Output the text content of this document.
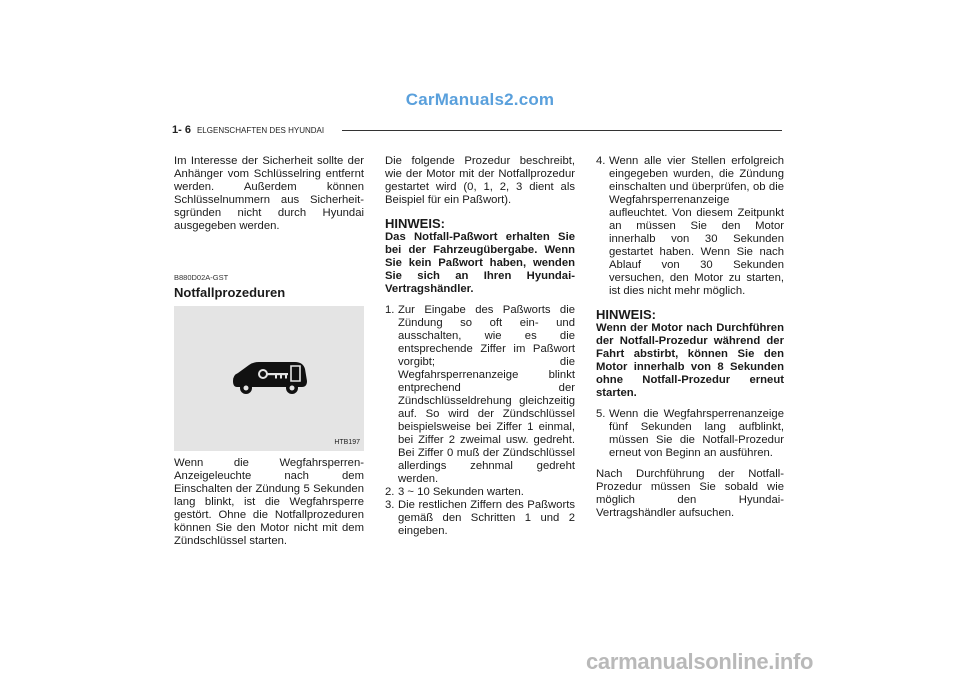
CarManuals2.com
1- 6 ELGENSCHAFTEN DES HYUNDAI

Im Interesse der Sicherheit sollte der Anhänger vom Schlüsselring entfernt werden. Außerdem können Schlüsselnummern aus Sicherheit-sgründen nicht durch Hyundai ausgegeben werden.

B880D02A-GST
Notfallprozeduren
HTB197

Wenn die Wegfahrsperren-Anzeigeleuchte nach dem Einschalten der Zündung 5 Sekunden lang blinkt, ist die Wegfahrsperre gestört. Ohne die Notfallprozeduren können Sie den Motor nicht mit dem Zündschlüssel starten.

Die folgende Prozedur beschreibt, wie der Motor mit der Notfallprozedur gestartet wird (0, 1, 2, 3 dient als Beispiel für ein Paßwort).

HINWEIS:

Das Notfall-Paßwort erhalten Sie bei der Fahrzeugübergabe. Wenn Sie kein Paßwort haben, wenden Sie sich an Ihren Hyundai-Vertragshändler.

1. Zur Eingabe des Paßworts die Zündung so oft ein- und ausschalten, wie es die entsprechende Ziffer im Paßwort vorgibt; die Wegfahrsperrenanzeige blinkt entprechend der Zündschlüsseldrehung gleichzeitig auf. So wird der Zündschlüssel beispielsweise bei Ziffer 1 einmal, bei Ziffer 2 zweimal usw. gedreht. Bei Ziffer 0 muß der Zündschlüssel allerdings zehnmal gedreht werden.
2. 3 ~ 10 Sekunden warten.
3. Die restlichen Ziffern des Paßworts gemäß den Schritten 1 und 2 eingeben.
4. Wenn alle vier Stellen erfolgreich eingegeben wurden, die Zündung einschalten und überprüfen, ob die Wegfahrsperrenanzeige aufleuchtet. Von diesem Zeitpunkt an müssen Sie den Motor innerhalb von 30 Sekunden gestartet haben. Wenn Sie nach Ablauf von 30 Sekunden versuchen, den Motor zu starten, ist dies nicht mehr möglich.
HINWEIS:

Wenn der Motor nach Durchführen der Notfall-Prozedur während der Fahrt abstirbt, können Sie den Motor innerhalb von 8 Sekunden ohne Notfall-Prozedur erneut starten.

5. Wenn die Wegfahrsperrenanzeige fünf Sekunden lang aufblinkt, müssen Sie die Notfall-Prozedur erneut von Beginn an ausführen.

Nach Durchführung der Notfall-Prozedur müssen Sie sobald wie möglich den Hyundai-Vertragshändler aufsuchen.

carmanualsonline.info
